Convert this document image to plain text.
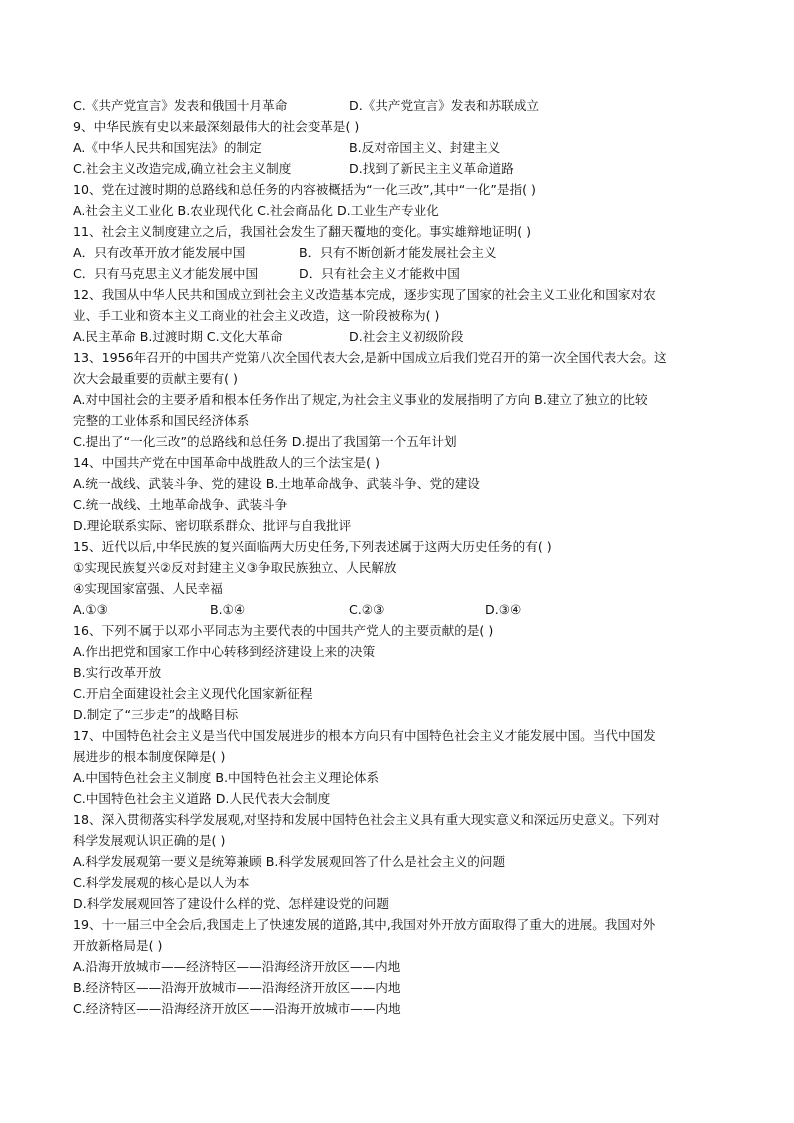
C.《共产党宣言》发表和俄国十月革命	D.《共产党宣言》发表和苏联成立
9、中华民族有史以来最深刻最伟大的社会变革是( )
A.《中华人民共和国宪法》的制定	B.反对帝国主义、封建主义
C.社会主义改造完成,确立社会主义制度	D.找到了新民主主义革命道路
10、党在过渡时期的总路线和总任务的内容被概括为“一化三改”,其中“一化”是指( )
A.社会主义工业化 B.农业现代化 C.社会商品化 D.工业生产专业化
11、社会主义制度建立之后，我国社会发生了翻天覆地的变化。事实雄辩地证明( )
A．只有改革开放才能发展中国	B．只有不断创新才能发展社会主义
C．只有马克思主义才能发展中国	D．只有社会主义才能救中国
12、我国从中华人民共和国成立到社会主义改造基本完成，逐步实现了国家的社会主义工业化和国家对农
业、手工业和资本主义工商业的社会主义改造，这一阶段被称为( )
A.民主革命 B.过渡时期 C.文化大革命	D.社会主义初级阶段
13、1956年召开的中国共产党第八次全国代表大会,是新中国成立后我们党召开的第一次全国代表大会。这
次大会最重要的贡献主要有( )
A.对中国社会的主要矛盾和根本任务作出了规定,为社会主义事业的发展指明了方向 B.建立了独立的比较
完整的工业体系和国民经济体系
C.提出了“一化三改”的总路线和总任务 D.提出了我国第一个五年计划
14、中国共产党在中国革命中战胜敌人的三个法宝是( )
A.统一战线、武装斗争、党的建设 B.土地革命战争、武装斗争、党的建设
C.统一战线、土地革命战争、武装斗争
D.理论联系实际、密切联系群众、批评与自我批评
15、近代以后,中华民族的复兴面临两大历史任务,下列表述属于这两大历史任务的有( )
①实现民族复兴②反对封建主义③争取民族独立、人民解放
④实现国家富强、人民幸福
A.①③	B.①④	C.②③	D.③④
16、下列不属于以邓小平同志为主要代表的中国共产党人的主要贡献的是( )
A.作出把党和国家工作中心转移到经济建设上来的决策
B.实行改革开放
C.开启全面建设社会主义现代化国家新征程
D.制定了“三步走”的战略目标
17、中国特色社会主义是当代中国发展进步的根本方向只有中国特色社会主义才能发展中国。当代中国发
展进步的根本制度保障是( )
A.中国特色社会主义制度 B.中国特色社会主义理论体系
C.中国特色社会主义道路 D.人民代表大会制度
18、深入贯彻落实科学发展观,对坚持和发展中国特色社会主义具有重大现实意义和深远历史意义。下列对
科学发展观认识正确的是( )
A.科学发展观第一要义是统筹兼顾 B.科学发展观回答了什么是社会主义的问题
C.科学发展观的核心是以人为本
D.科学发展观回答了建设什么样的党、怎样建设党的问题
19、十一届三中全会后,我国走上了快速发展的道路,其中,我国对外开放方面取得了重大的进展。我国对外
开放新格局是( )
A.沿海开放城市——经济特区——沿海经济开放区——内地
B.经济特区——沿海开放城市——沿海经济开放区——内地
C.经济特区——沿海经济开放区——沿海开放城市——内地
